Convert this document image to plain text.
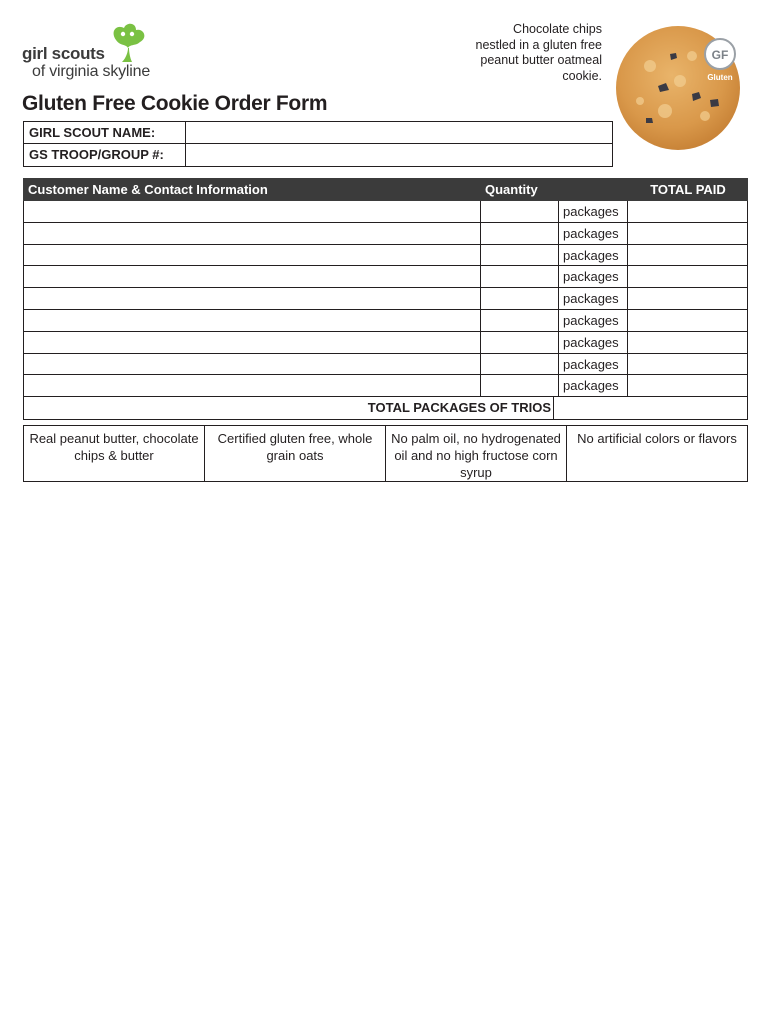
girl scouts
of virginia skyline
Chocolate chips nestled in a gluten free peanut butter oatmeal cookie.
GF
Gluten
Gluten Free Cookie Order Form
GIRL SCOUT NAME:
GS TROOP/GROUP #:
Customer Name & Contact Information	Quantity	TOTAL PAID
packages
packages
packages
packages
packages
packages
packages
packages
packages
TOTAL PACKAGES OF TRIOS
Real peanut butter, chocolate chips & butter
Certified gluten free, whole grain oats
No palm oil, no hydrogenated oil and no high fructose corn syrup
No artificial colors or flavors
